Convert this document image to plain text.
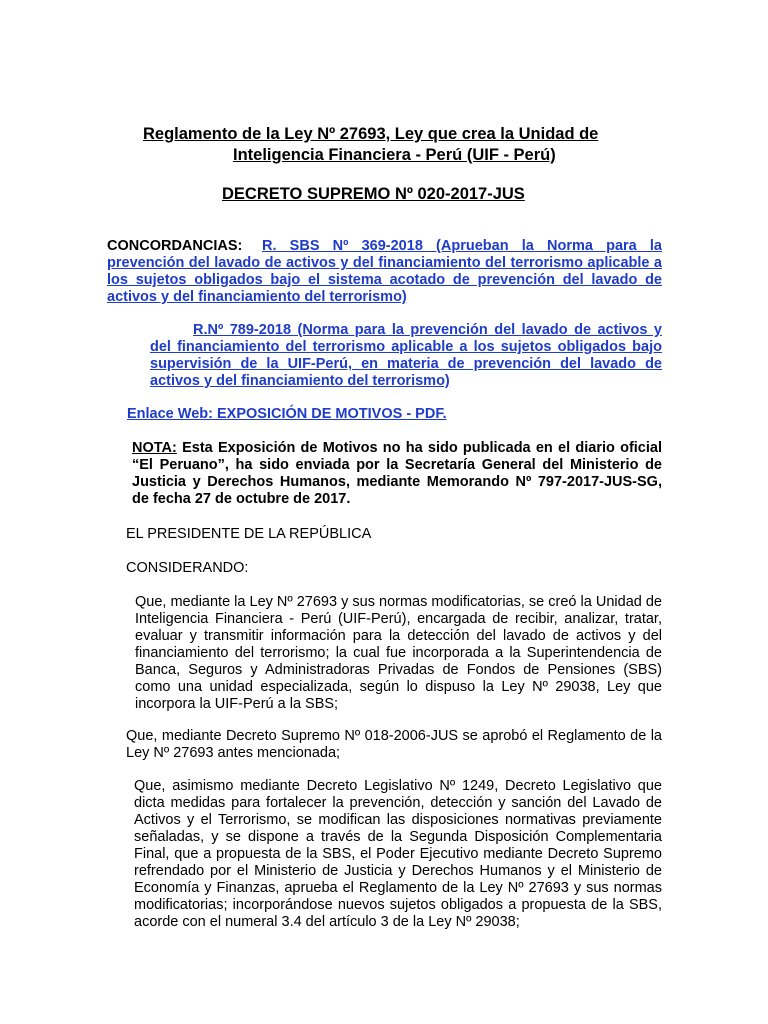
Reglamento de la Ley Nº 27693, Ley que crea la Unidad de
Inteligencia Financiera - Perú (UIF - Perú)
DECRETO SUPREMO Nº 020-2017-JUS
CONCORDANCIAS: R. SBS Nº 369-2018 (Aprueban la Norma para la prevención del lavado de activos y del financiamiento del terrorismo aplicable a los sujetos obligados bajo el sistema acotado de prevención del lavado de activos y del financiamiento del terrorismo)
R.Nº 789-2018 (Norma para la prevención del lavado de activos y del financiamiento del terrorismo aplicable a los sujetos obligados bajo supervisión de la UIF-Perú, en materia de prevención del lavado de activos y del financiamiento del terrorismo)
Enlace Web: EXPOSICIÓN DE MOTIVOS - PDF.
NOTA: Esta Exposición de Motivos no ha sido publicada en el diario oficial “El Peruano”, ha sido enviada por la Secretaría General del Ministerio de Justicia y Derechos Humanos, mediante Memorando Nº 797-2017-JUS-SG, de fecha 27 de octubre de 2017.
EL PRESIDENTE DE LA REPÚBLICA
CONSIDERANDO:
Que, mediante la Ley Nº 27693 y sus normas modificatorias, se creó la Unidad de Inteligencia Financiera - Perú (UIF-Perú), encargada de recibir, analizar, tratar, evaluar y transmitir información para la detección del lavado de activos y del financiamiento del terrorismo; la cual fue incorporada a la Superintendencia de Banca, Seguros y Administradoras Privadas de Fondos de Pensiones (SBS) como una unidad especializada, según lo dispuso la Ley Nº 29038, Ley que incorpora la UIF-Perú a la SBS;
Que, mediante Decreto Supremo Nº 018-2006-JUS se aprobó el Reglamento de la Ley Nº 27693 antes mencionada;
Que, asimismo mediante Decreto Legislativo Nº 1249, Decreto Legislativo que dicta medidas para fortalecer la prevención, detección y sanción del Lavado de Activos y el Terrorismo, se modifican las disposiciones normativas previamente señaladas, y se dispone a través de la Segunda Disposición Complementaria Final, que a propuesta de la SBS, el Poder Ejecutivo mediante Decreto Supremo refrendado por el Ministerio de Justicia y Derechos Humanos y el Ministerio de Economía y Finanzas, aprueba el Reglamento de la Ley Nº 27693 y sus normas modificatorias; incorporándose nuevos sujetos obligados a propuesta de la SBS, acorde con el numeral 3.4 del artículo 3 de la Ley Nº 29038;
